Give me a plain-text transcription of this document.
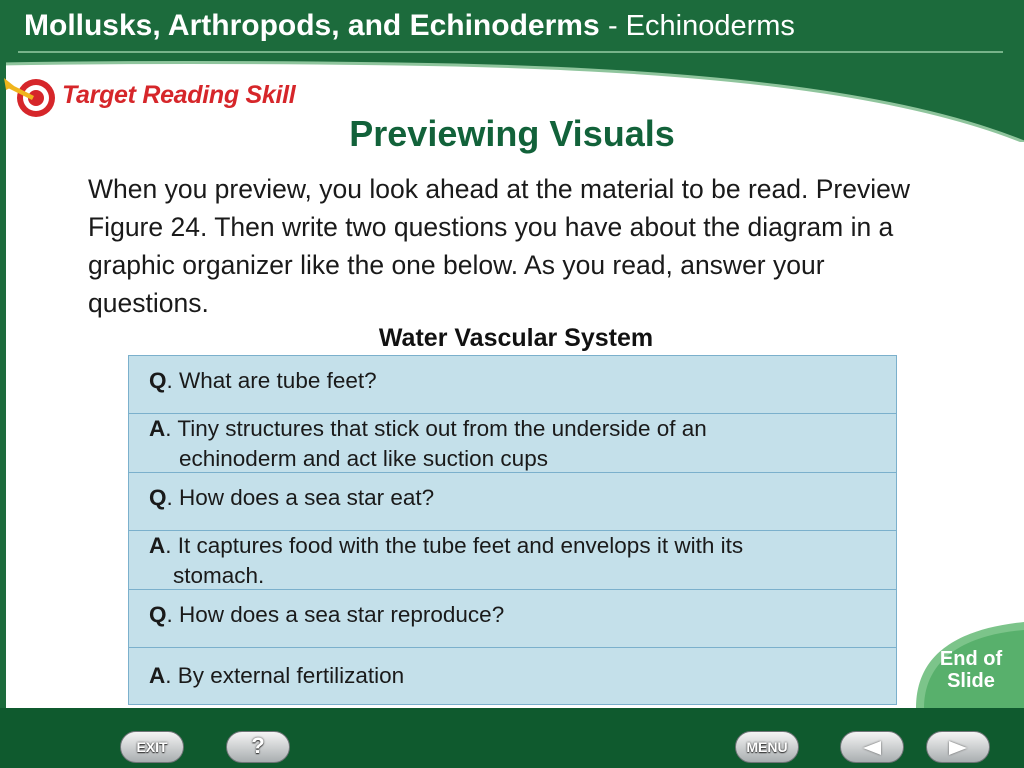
Mollusks, Arthropods, and Echinoderms - Echinoderms
Target Reading Skill
Previewing Visuals
When you preview, you look ahead at the material to be read. Preview Figure 24. Then write two questions you have about the diagram in a graphic organizer like the one below. As you read, answer your questions.
Water Vascular System
Q. What are tube feet?
A. Tiny structures that stick out from the underside of an
echinoderm and act like suction cups
Q. How does a sea star eat?
A. It captures food with the tube feet and envelops it with its
stomach.
Q. How does a sea star reproduce?
A. By external fertilization
End of
Slide
EXIT	?	MENU
